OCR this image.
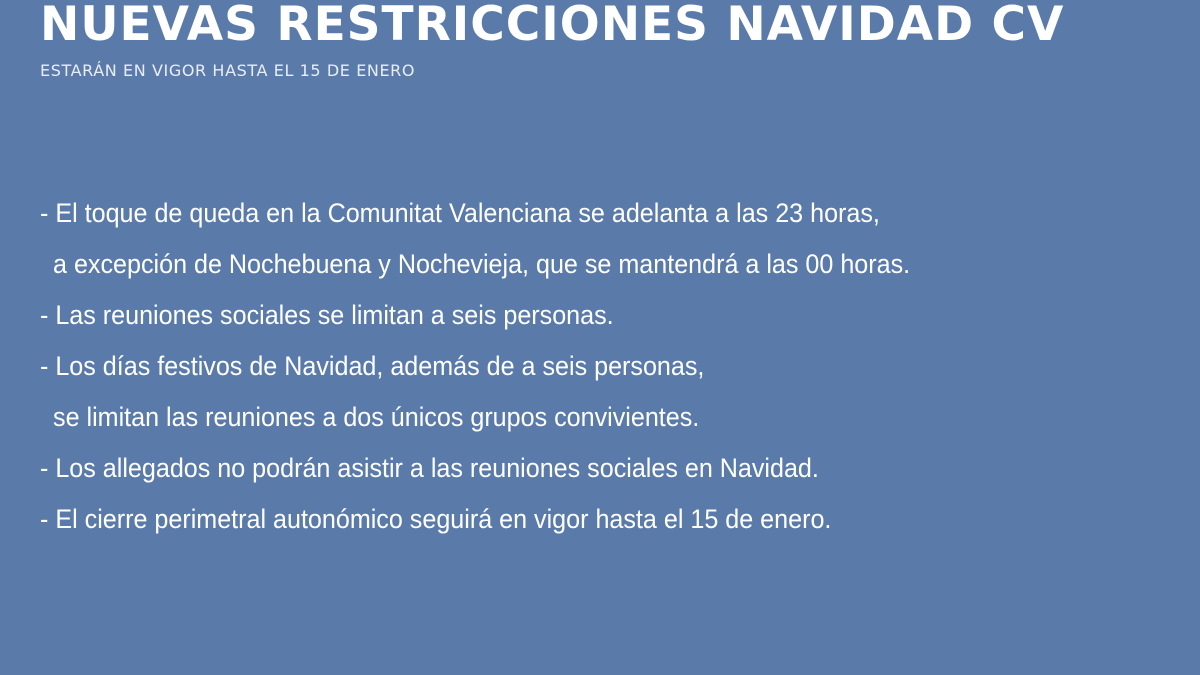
NUEVAS RESTRICCIONES NAVIDAD CV

ESTARÁN EN VIGOR HASTA EL 15 DE ENERO

- El toque de queda en la Comunitat Valenciana se adelanta a las 23 horas,
a excepción de Nochebuena y Nochevieja, que se mantendrá a las 00 horas.
- Las reuniones sociales se limitan a seis personas.
- Los días festivos de Navidad, además de a seis personas,
se limitan las reuniones a dos únicos grupos convivientes.
- Los allegados no podrán asistir a las reuniones sociales en Navidad.
- El cierre perimetral autonómico seguirá en vigor hasta el 15 de enero.
